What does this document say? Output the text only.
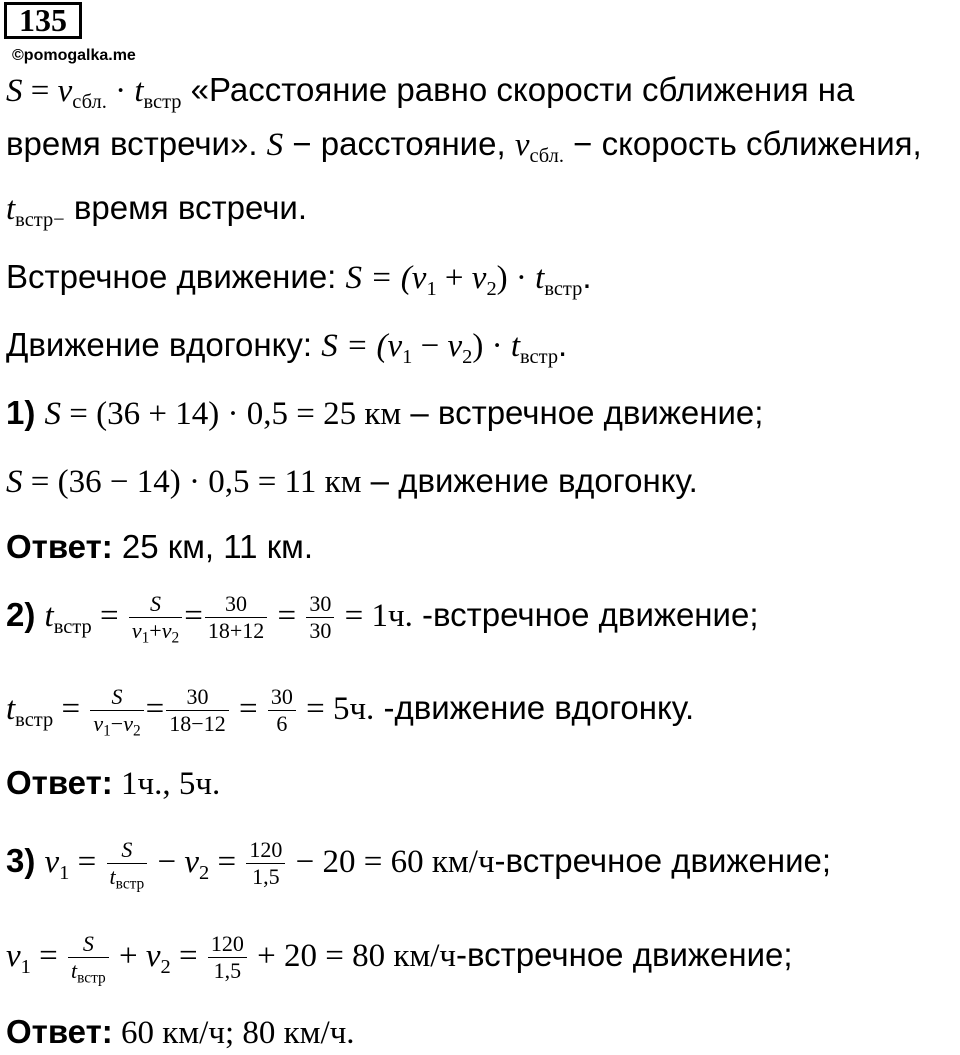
135
©pomogalka.me
$S = v_{сбл.} \cdot t_{встр}$ «Расстояние равно скорости сближения на
время встречи». S − расстояние, $v_{сбл.}$ − скорость сближения,
$t_{встр-}$ время встречи.
Встречное движение: $S = (v_1 + v_2) \cdot t_{встр}$.
Движение вдогонку: $S = (v_1 - v_2) \cdot t_{встр}$.
1) S = (36 + 14) · 0,5 = 25 км – встречное движение;
S = (36 − 14) · 0,5 = 11 км – движение вдогонку.
Ответ: 25 км, 11 км.
2) $t_{встр} = \frac{S}{v_1+v_2} = \frac{30}{18+12} = \frac{30}{30} = 1ч$. -встречное движение;
$t_{встр} = \frac{S}{v_1-v_2} = \frac{30}{18-12} = \frac{30}{6} = 5ч$. -движение вдогонку.
Ответ: 1ч., 5ч.
3) $v_1 = \frac{S}{t_{встр}} - v_2 = \frac{120}{1,5} - 20 = 60$ км/ч-встречное движение;
$v_1 = \frac{S}{t_{встр}} + v_2 = \frac{120}{1,5} + 20 = 80$ км/ч-встречное движение;
Ответ: 60 км/ч; 80 км/ч.
